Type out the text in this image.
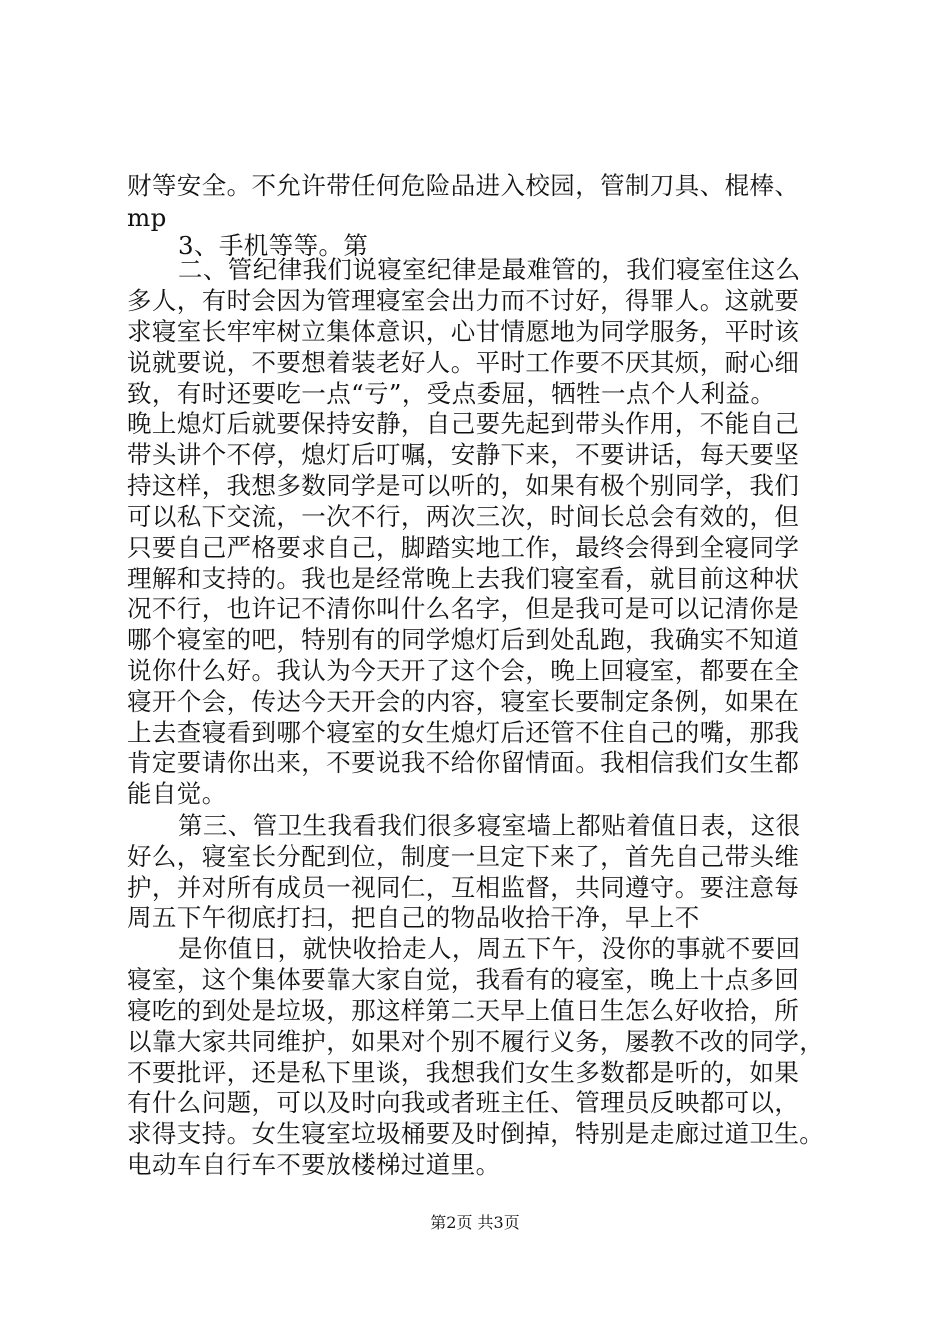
财等安全。不允许带任何危险品进入校园，管制刀具、棍棒、
mp
3、手机等等。第
二、管纪律我们说寝室纪律是最难管的，我们寝室住这么
多人，有时会因为管理寝室会出力而不讨好，得罪人。这就要
求寝室长牢牢树立集体意识，心甘情愿地为同学服务，平时该
说就要说，不要想着装老好人。平时工作要不厌其烦，耐心细
致，有时还要吃一点“亏”，受点委屈，牺牲一点个人利益。
晚上熄灯后就要保持安静，自己要先起到带头作用，不能自己
带头讲个不停，熄灯后叮嘱，安静下来，不要讲话，每天要坚
持这样，我想多数同学是可以听的，如果有极个别同学，我们
可以私下交流，一次不行，两次三次，时间长总会有效的，但
只要自己严格要求自己，脚踏实地工作，最终会得到全寝同学
理解和支持的。我也是经常晚上去我们寝室看，就目前这种状
况不行，也许记不清你叫什么名字，但是我可是可以记清你是
哪个寝室的吧，特别有的同学熄灯后到处乱跑，我确实不知道
说你什么好。我认为今天开了这个会，晚上回寝室，都要在全
寝开个会，传达今天开会的内容，寝室长要制定条例，如果在
上去查寝看到哪个寝室的女生熄灯后还管不住自己的嘴，那我
肯定要请你出来，不要说我不给你留情面。我相信我们女生都
能自觉。
第三、管卫生我看我们很多寝室墙上都贴着值日表，这很
好么，寝室长分配到位，制度一旦定下来了，首先自己带头维
护，并对所有成员一视同仁，互相监督，共同遵守。要注意每
周五下午彻底打扫，把自己的物品收拾干净，早上不
是你值日，就快收拾走人，周五下午，没你的事就不要回
寝室，这个集体要靠大家自觉，我看有的寝室，晚上十点多回
寝吃的到处是垃圾，那这样第二天早上值日生怎么好收拾，所
以靠大家共同维护，如果对个别不履行义务，屡教不改的同学，
不要批评，还是私下里谈，我想我们女生多数都是听的，如果
有什么问题，可以及时向我或者班主任、管理员反映都可以，
求得支持。女生寝室垃圾桶要及时倒掉，特别是走廊过道卫生。
电动车自行车不要放楼梯过道里。
第2页 共3页
